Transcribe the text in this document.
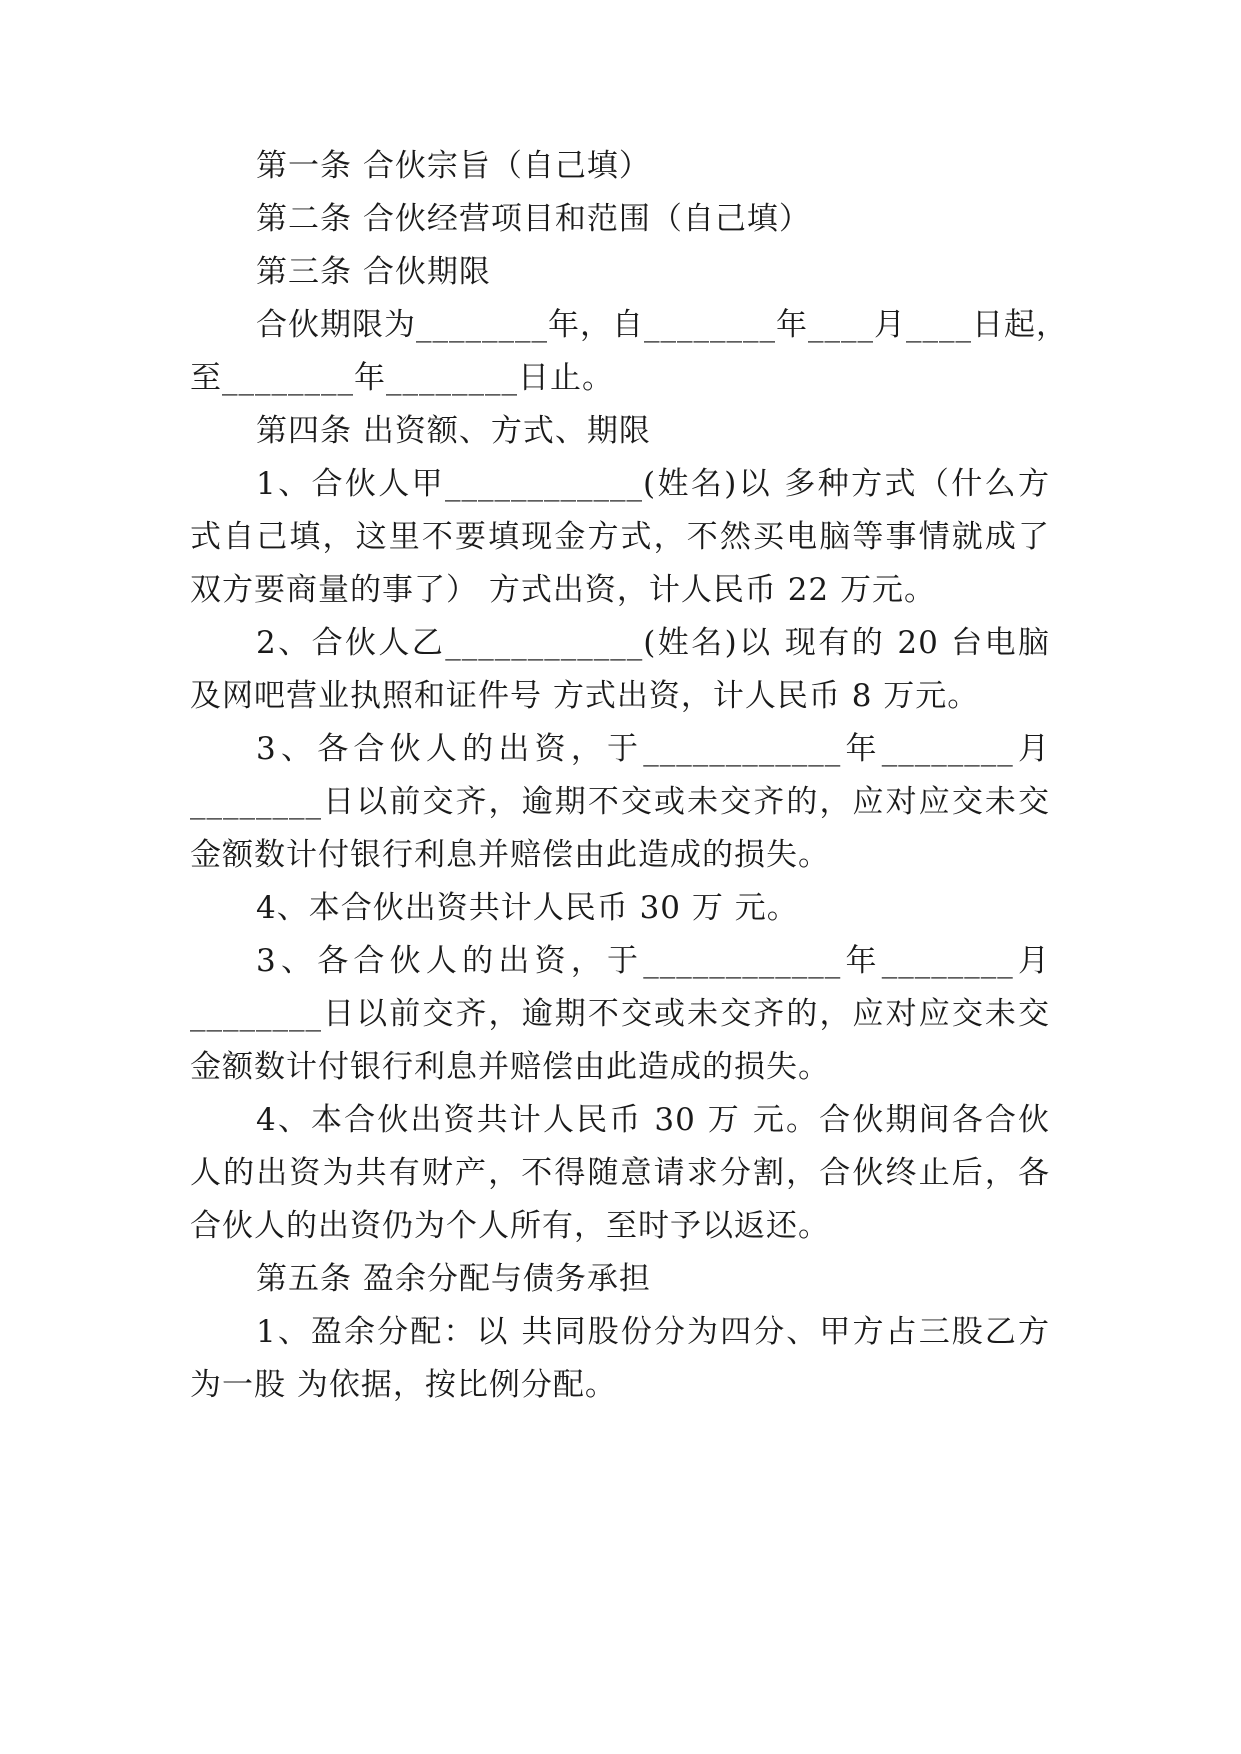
第一条 合伙宗旨（自己填）
第二条 合伙经营项目和范围（自己填）
第三条 合伙期限
合伙期限为________年，自________年____月____日起，
至________年________日止。
第四条 出资额、方式、期限
1、合伙人甲____________(姓名)以 多种方式（什么方
式自己填，这里不要填现金方式，不然买电脑等事情就成了
双方要商量的事了） 方式出资，计人民币 22 万元。
2、合伙人乙____________(姓名)以 现有的 20 台电脑
及网吧营业执照和证件号 方式出资，计人民币 8 万元。
3、各合伙人的出资，于____________年________月
________日以前交齐，逾期不交或未交齐的，应对应交未交
金额数计付银行利息并赔偿由此造成的损失。
4、本合伙出资共计人民币 30 万 元。
3、各合伙人的出资，于____________年________月
________日以前交齐，逾期不交或未交齐的，应对应交未交
金额数计付银行利息并赔偿由此造成的损失。
4、本合伙出资共计人民币 30 万 元。合伙期间各合伙
人的出资为共有财产，不得随意请求分割，合伙终止后，各
合伙人的出资仍为个人所有，至时予以返还。
第五条 盈余分配与债务承担
1、盈余分配：以 共同股份分为四分、甲方占三股乙方
为一股 为依据，按比例分配。
